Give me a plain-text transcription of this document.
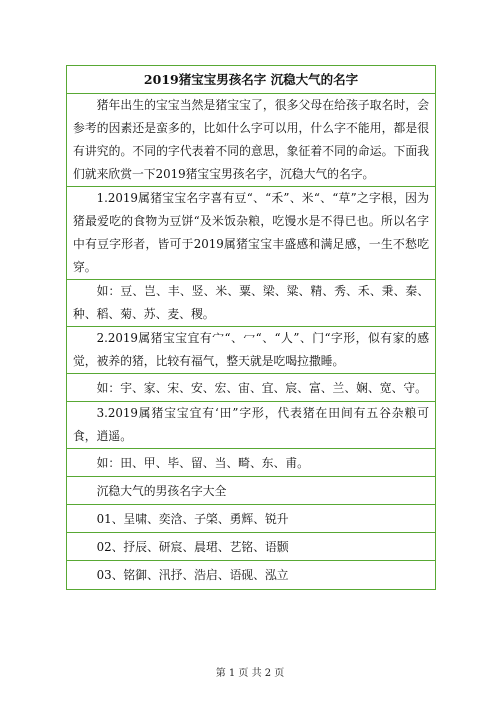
2019猪宝宝男孩名字 沉稳大气的名字
猪年出生的宝宝当然是猪宝宝了，很多父母在给孩子取名时，会参考的因素还是蛮多的，比如什么字可以用，什么字不能用，都是很有讲究的。不同的字代表着不同的意思，象征着不同的命运。下面我们就来欣赏一下2019猪宝宝男孩名字，沉稳大气的名字。
1.2019属猪宝宝名字喜有豆“、“禾”、米“、“草”之字根，因为猪最爱吃的食物为豆饼“及米饭杂粮，吃馒水是不得已也。所以名字中有豆字形者，皆可于2019属猪宝宝丰盛感和满足感，一生不愁吃穿。
如：豆、岂、丰、竖、米、粟、梁、粱、精、秀、禾、秉、秦、种、稻、菊、苏、麦、稷。
2.2019属猪宝宝宜有宀“、冖“、“人”、门“字形，似有家的感觉，被养的猪，比较有福气，整天就是吃喝拉撒睡。
如：宇、家、宋、安、宏、宙、宜、宸、富、兰、娴、宽、守。
3.2019属猪宝宝宜有‘田”字形，代表猪在田间有五谷杂粮可食，逍遥。
如：田、甲、毕、留、当、畸、东、甫。
沉稳大气的男孩名字大全
01、呈啸、奕浛、子棨、勇辉、锐升
02、抒辰、研宸、晨珺、艺铭、语颢
03、铭御、汛抒、浩启、语砚、泓立
第 1 页 共 2 页
